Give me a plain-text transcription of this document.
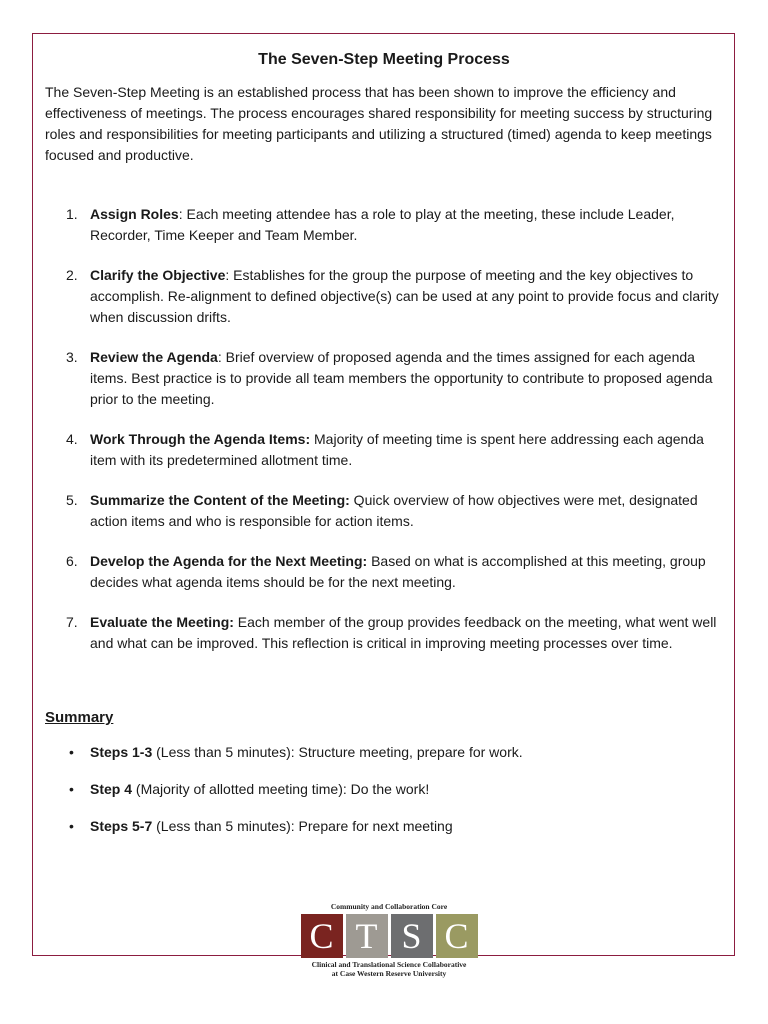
The Seven-Step Meeting Process

The Seven-Step Meeting is an established process that has been shown to improve the efficiency and effectiveness of meetings. The process encourages shared responsibility for meeting success by structuring roles and responsibilities for meeting participants and utilizing a structured (timed) agenda to keep meetings focused and productive.

1. Assign Roles: Each meeting attendee has a role to play at the meeting, these include Leader, Recorder, Time Keeper and Team Member.
2. Clarify the Objective: Establishes for the group the purpose of meeting and the key objectives to accomplish. Re-alignment to defined objective(s) can be used at any point to provide focus and clarity when discussion drifts.
3. Review the Agenda: Brief overview of proposed agenda and the times assigned for each agenda items. Best practice is to provide all team members the opportunity to contribute to proposed agenda prior to the meeting.
4. Work Through the Agenda Items: Majority of meeting time is spent here addressing each agenda item with its predetermined allotment time.
5. Summarize the Content of the Meeting: Quick overview of how objectives were met, designated action items and who is responsible for action items.
6. Develop the Agenda for the Next Meeting: Based on what is accomplished at this meeting, group decides what agenda items should be for the next meeting.
7. Evaluate the Meeting: Each member of the group provides feedback on the meeting, what went well and what can be improved. This reflection is critical in improving meeting processes over time.
Summary
• Steps 1-3 (Less than 5 minutes): Structure meeting, prepare for work.
• Step 4 (Majority of allotted meeting time): Do the work!
• Steps 5-7 (Less than 5 minutes): Prepare for next meeting
Community and Collaboration Core
C T S C
Clinical and Translational Science Collaborative
at Case Western Reserve University
